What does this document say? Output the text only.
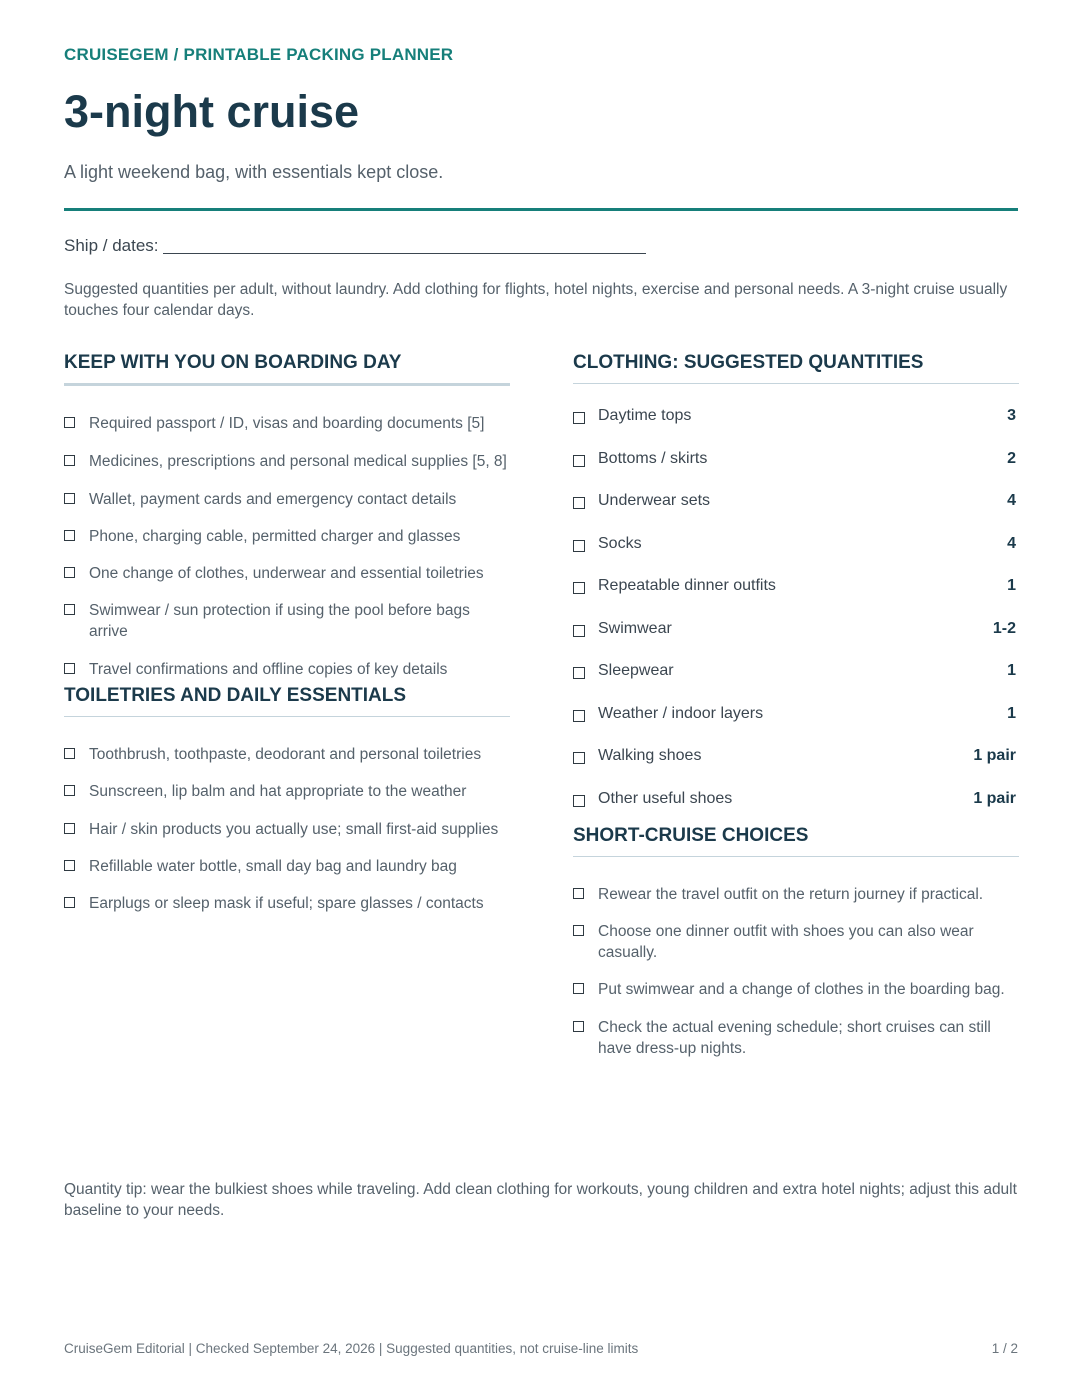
CRUISEGEM / PRINTABLE PACKING PLANNER
3-night cruise
A light weekend bag, with essentials kept close.
Ship / dates:
Suggested quantities per adult, without laundry. Add clothing for flights, hotel nights, exercise and personal needs. A 3-night cruise usually touches four calendar days.
KEEP WITH YOU ON BOARDING DAY
Required passport / ID, visas and boarding documents [5]
Medicines, prescriptions and personal medical supplies [5, 8]
Wallet, payment cards and emergency contact details
Phone, charging cable, permitted charger and glasses
One change of clothes, underwear and essential toiletries
Swimwear / sun protection if using the pool before bags arrive
Travel confirmations and offline copies of key details
TOILETRIES AND DAILY ESSENTIALS
Toothbrush, toothpaste, deodorant and personal toiletries
Sunscreen, lip balm and hat appropriate to the weather
Hair / skin products you actually use; small first-aid supplies
Refillable water bottle, small day bag and laundry bag
Earplugs or sleep mask if useful; spare glasses / contacts
CLOTHING: SUGGESTED QUANTITIES
Daytime tops	3
Bottoms / skirts	2
Underwear sets	4
Socks	4
Repeatable dinner outfits	1
Swimwear	1-2
Sleepwear	1
Weather / indoor layers	1
Walking shoes	1 pair
Other useful shoes	1 pair
SHORT-CRUISE CHOICES
Rewear the travel outfit on the return journey if practical.
Choose one dinner outfit with shoes you can also wear casually.
Put swimwear and a change of clothes in the boarding bag.
Check the actual evening schedule; short cruises can still have dress-up nights.
Quantity tip: wear the bulkiest shoes while traveling. Add clean clothing for workouts, young children and extra hotel nights; adjust this adult baseline to your needs.
CruiseGem Editorial | Checked September 24, 2026 | Suggested quantities, not cruise-line limits	1 / 2
